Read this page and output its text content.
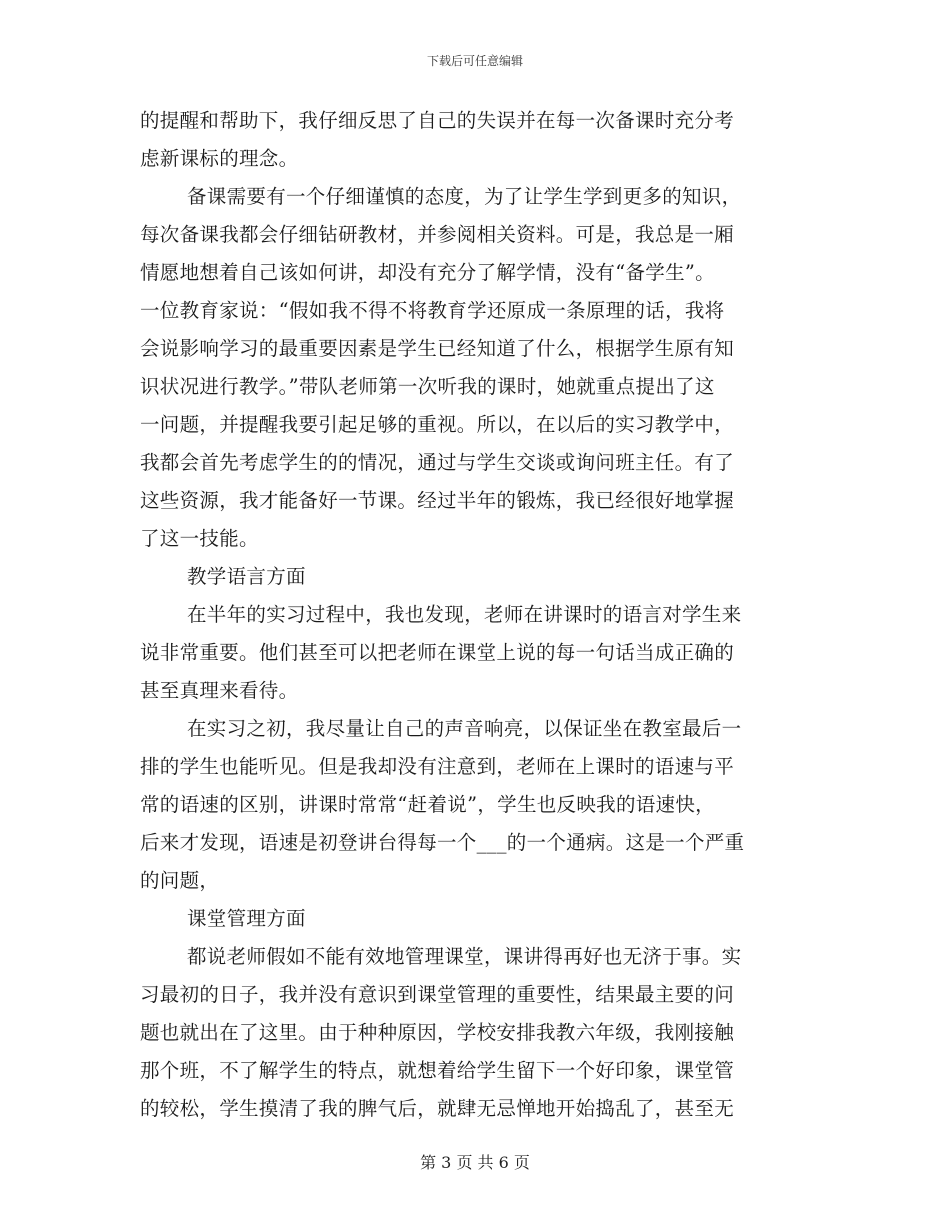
下载后可任意编辑
的提醒和帮助下，我仔细反思了自己的失误并在每一次备课时充分考
虑新课标的理念。
备课需要有一个仔细谨慎的态度，为了让学生学到更多的知识，
每次备课我都会仔细钻研教材，并参阅相关资料。可是，我总是一厢
情愿地想着自己该如何讲，却没有充分了解学情，没有“备学生”。
一位教育家说：“假如我不得不将教育学还原成一条原理的话，我将
会说影响学习的最重要因素是学生已经知道了什么，根据学生原有知
识状况进行教学。”带队老师第一次听我的课时，她就重点提出了这
一问题，并提醒我要引起足够的重视。所以，在以后的实习教学中，
我都会首先考虑学生的的情况，通过与学生交谈或询问班主任。有了
这些资源，我才能备好一节课。经过半年的锻炼，我已经很好地掌握
了这一技能。
教学语言方面
在半年的实习过程中，我也发现，老师在讲课时的语言对学生来
说非常重要。他们甚至可以把老师在课堂上说的每一句话当成正确的
甚至真理来看待。
在实习之初，我尽量让自己的声音响亮，以保证坐在教室最后一
排的学生也能听见。但是我却没有注意到，老师在上课时的语速与平
常的语速的区别，讲课时常常“赶着说”，学生也反映我的语速快，
后来才发现，语速是初登讲台得每一个___的一个通病。这是一个严重
的问题，
课堂管理方面
都说老师假如不能有效地管理课堂，课讲得再好也无济于事。实
习最初的日子，我并没有意识到课堂管理的重要性，结果最主要的问
题也就出在了这里。由于种种原因，学校安排我教六年级，我刚接触
那个班，不了解学生的特点，就想着给学生留下一个好印象，课堂管
的较松，学生摸清了我的脾气后，就肆无忌惮地开始捣乱了，甚至无
第 3 页 共 6 页
